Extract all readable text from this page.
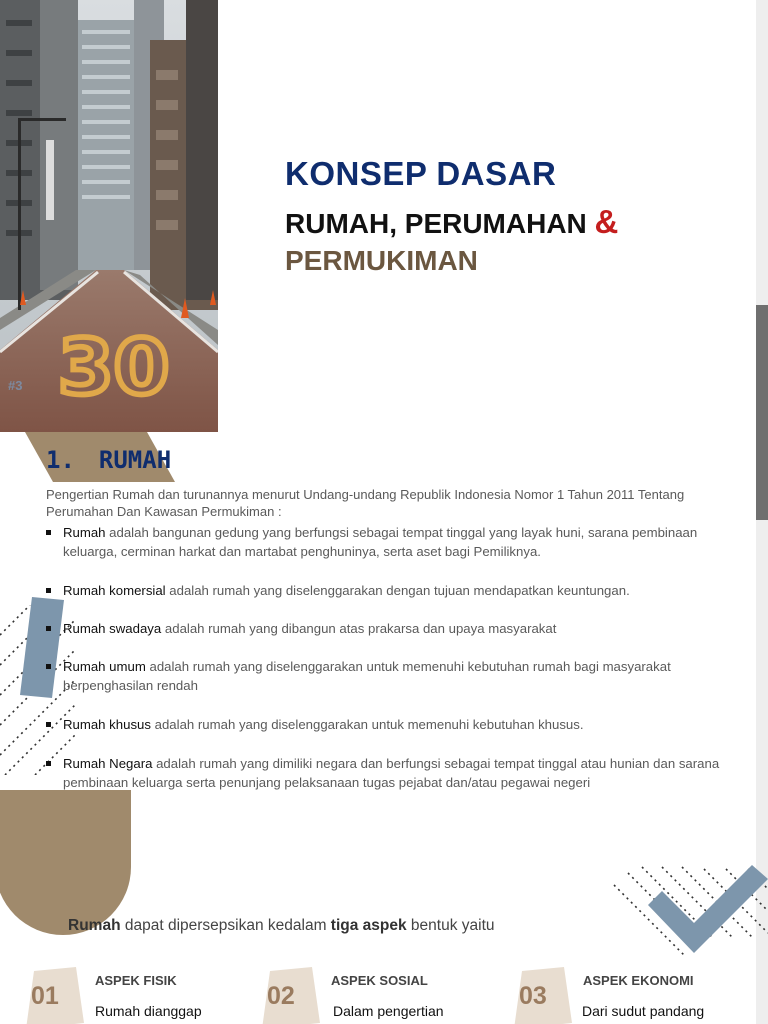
30
#3
KONSEP DASAR
RUMAH, PERUMAHAN &
PERMUKIMAN
1. RUMAH
Pengertian Rumah dan turunannya menurut Undang-undang Republik Indonesia Nomor 1 Tahun 2011 Tentang Perumahan Dan Kawasan Permukiman :
Rumah adalah bangunan gedung yang berfungsi sebagai tempat tinggal yang layak huni, sarana pembinaan keluarga, cerminan harkat dan martabat penghuninya, serta aset bagi Pemiliknya.
Rumah komersial adalah rumah yang diselenggarakan dengan tujuan mendapatkan keuntungan.
Rumah swadaya adalah rumah yang dibangun atas prakarsa dan upaya masyarakat
Rumah umum adalah rumah yang diselenggarakan untuk memenuhi kebutuhan rumah bagi masyarakat berpenghasilan rendah
Rumah khusus adalah rumah yang diselenggarakan untuk memenuhi kebutuhan khusus.
Rumah Negara adalah rumah yang dimiliki negara dan berfungsi sebagai tempat tinggal atau hunian dan sarana pembinaan keluarga serta penunjang pelaksanaan tugas pejabat dan/atau pegawai negeri
Rumah dapat dipersepsikan kedalam tiga aspek bentuk yaitu
01
ASPEK FISIK
Rumah dianggap
02
ASPEK SOSIAL
Dalam pengertian
03
ASPEK EKONOMI
Dari sudut pandang
